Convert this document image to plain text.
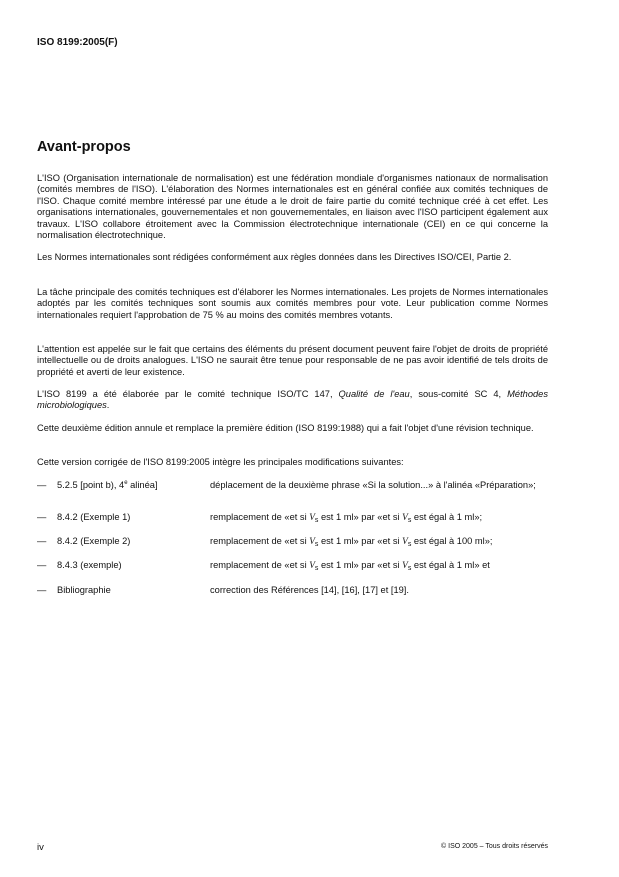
ISO 8199:2005(F)
Avant-propos
L'ISO (Organisation internationale de normalisation) est une fédération mondiale d'organismes nationaux de normalisation (comités membres de l'ISO). L'élaboration des Normes internationales est en général confiée aux comités techniques de l'ISO. Chaque comité membre intéressé par une étude a le droit de faire partie du comité technique créé à cet effet. Les organisations internationales, gouvernementales et non gouvernementales, en liaison avec l'ISO participent également aux travaux. L'ISO collabore étroitement avec la Commission électrotechnique internationale (CEI) en ce qui concerne la normalisation électrotechnique.
Les Normes internationales sont rédigées conformément aux règles données dans les Directives ISO/CEI, Partie 2.
La tâche principale des comités techniques est d'élaborer les Normes internationales. Les projets de Normes internationales adoptés par les comités techniques sont soumis aux comités membres pour vote. Leur publication comme Normes internationales requiert l'approbation de 75 % au moins des comités membres votants.
L'attention est appelée sur le fait que certains des éléments du présent document peuvent faire l'objet de droits de propriété intellectuelle ou de droits analogues. L'ISO ne saurait être tenue pour responsable de ne pas avoir identifié de tels droits de propriété et averti de leur existence.
L'ISO 8199 a été élaborée par le comité technique ISO/TC 147, Qualité de l'eau, sous-comité SC 4, Méthodes microbiologiques.
Cette deuxième édition annule et remplace la première édition (ISO 8199:1988) qui a fait l'objet d'une révision technique.
Cette version corrigée de l'ISO 8199:2005 intègre les principales modifications suivantes:
— 5.2.5 [point b), 4e alinéa]	déplacement de la deuxième phrase «Si la solution...» à l'alinéa «Préparation»;
— 8.4.2 (Exemple 1)	remplacement de «et si $V_s$ est 1 ml» par «et si $V_s$ est égal à 1 ml»;
— 8.4.2 (Exemple 2)	remplacement de «et si $V_s$ est 1 ml» par «et si $V_s$ est égal à 100 ml»;
— 8.4.3 (exemple)	remplacement de «et si $V_s$ est 1 ml» par «et si $V_s$ est égal à 1 ml» et
— Bibliographie	correction des Références [14], [16], [17] et [19].
iv	© ISO 2005 – Tous droits réservés
